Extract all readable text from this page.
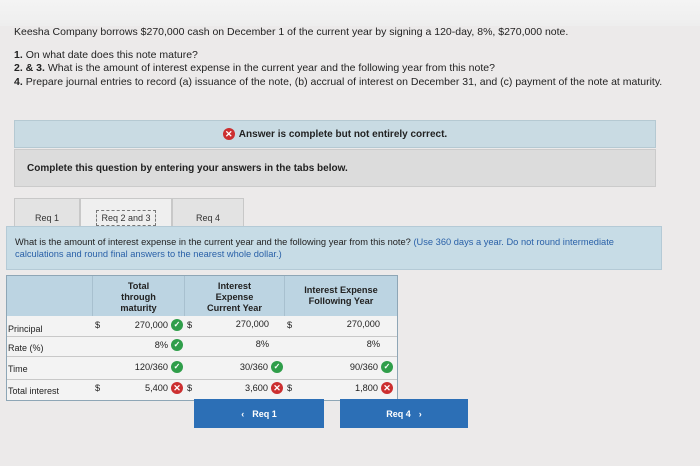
Keesha Company borrows $270,000 cash on December 1 of the current year by signing a 120-day, 8%, $270,000 note.
1. On what date does this note mature?
2. & 3. What is the amount of interest expense in the current year and the following year from this note?
4. Prepare journal entries to record (a) issuance of the note, (b) accrual of interest on December 31, and (c) payment of the note at maturity.
✕ Answer is complete but not entirely correct.
Complete this question by entering your answers in the tabs below.
Req 1	Req 2 and 3	Req 4
What is the amount of interest expense in the current year and the following year from this note? (Use 360 days a year. Do not round intermediate calculations and round final answers to the nearest whole dollar.)
Total
through
maturity
Interest
Expense
Current Year
Interest Expense
Following Year
Principal	$	270,000 ✓ $	270,000 $	270,000
Rate (%)	8% ✓	8%	8%
Time	120/360 ✓	30/360 ✓	90/360 ✓
Total interest	$	5,400 ✕ $	3,600 ✕ $	1,800 ✕
‹ Req 1	Req 4 ›
